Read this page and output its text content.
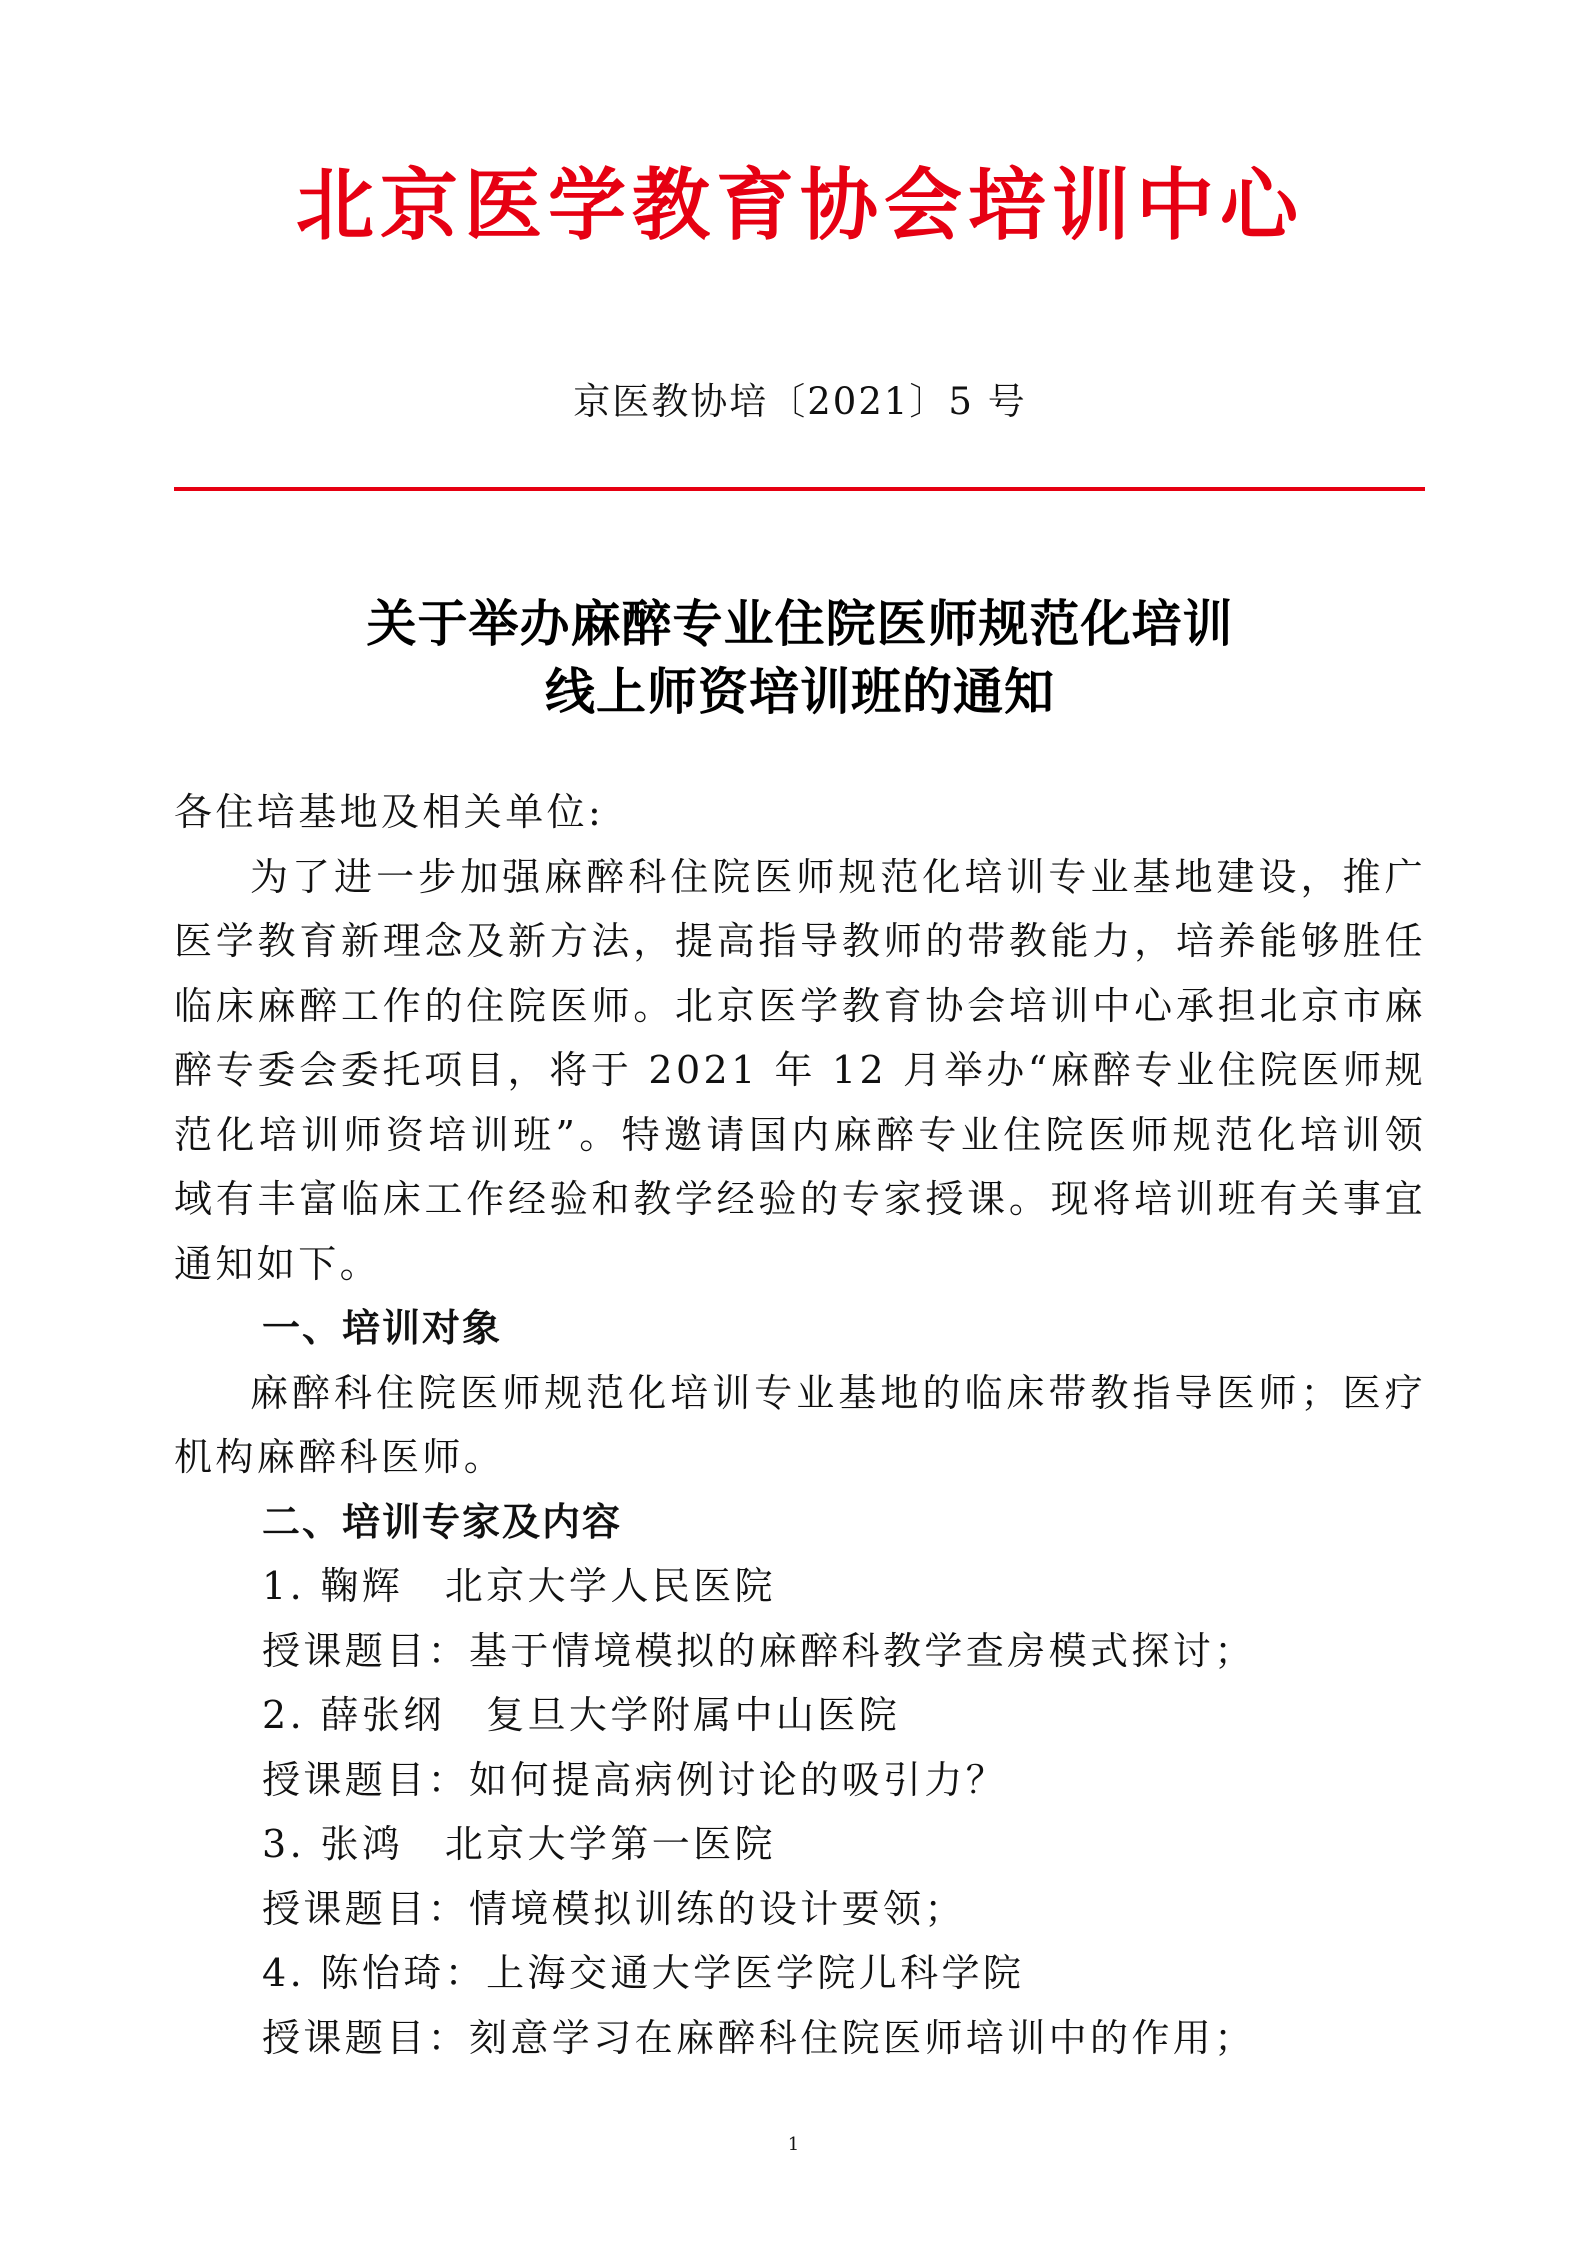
北京医学教育协会培训中心
京医教协培〔2021〕5 号
关于举办麻醉专业住院医师规范化培训
线上师资培训班的通知

各住培基地及相关单位:

为了进一步加强麻醉科住院医师规范化培训专业基地建设，推广医学教育新理念及新方法，提高指导教师的带教能力，培养能够胜任临床麻醉工作的住院医师。北京医学教育协会培训中心承担北京市麻醉专委会委托项目，将于 2021 年 12 月举办“麻醉专业住院医师规范化培训师资培训班”。特邀请国内麻醉专业住院医师规范化培训领域有丰富临床工作经验和教学经验的专家授课。现将培训班有关事宜通知如下。

一、培训对象

麻醉科住院医师规范化培训专业基地的临床带教指导医师；医疗机构麻醉科医师。

二、培训专家及内容

1. 鞠辉　北京大学人民医院

授课题目：基于情境模拟的麻醉科教学查房模式探讨；

2. 薛张纲　复旦大学附属中山医院

授课题目：如何提高病例讨论的吸引力？

3. 张鸿　北京大学第一医院

授课题目：情境模拟训练的设计要领；

4. 陈怡琦：上海交通大学医学院儿科学院

授课题目：刻意学习在麻醉科住院医师培训中的作用；

1
